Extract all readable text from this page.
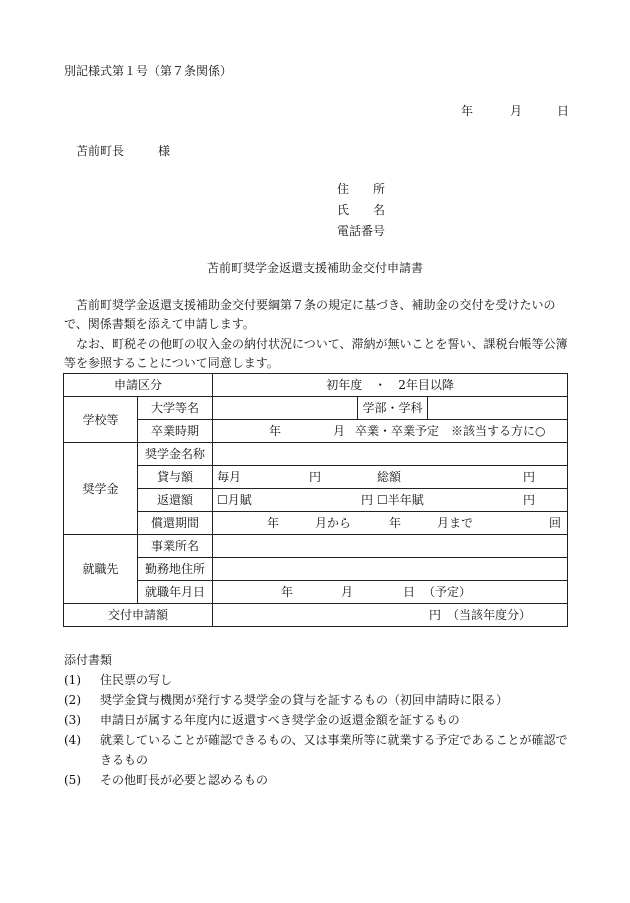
別記様式第１号（第７条関係）
年	月	日
苫前町長	様
住　　所
氏　　名
電話番号
苫前町奨学金返還支援補助金交付申請書
　苫前町奨学金返還支援補助金交付要綱第７条の規定に基づき、補助金の交付を受けたいので、関係書類を添えて申請します。
　なお、町税その他町の収入金の納付状況について、滞納が無いことを誓い、課税台帳等公簿等を参照することについて同意します。
申請区分		初年度　・　2年目以降		
学校等	大学等名		学部・学科	
	卒業時期	年 月 卒業・卒業予定　※該当する方に○		
奨学金	奨学金名称			
	貸与額	毎月 円 総額 円		
	返還額	☐月賦 円 ☐半年賦 円		
	償還期間	年 月から 年 月まで 回		
就職先	事業所名			
	勤務地住所			
	就職年月日	年 月 日 （予定）		
交付申請額		円　（当該年度分）		
添付書類
(1) 住民票の写し
(2) 奨学金貸与機関が発行する奨学金の貸与を証するもの（初回申請時に限る）
(3) 申請日が属する年度内に返還すべき奨学金の返還金額を証するもの
(4) 就業していることが確認できるもの、又は事業所等に就業する予定であることが確認できるもの
(5) その他町長が必要と認めるもの
